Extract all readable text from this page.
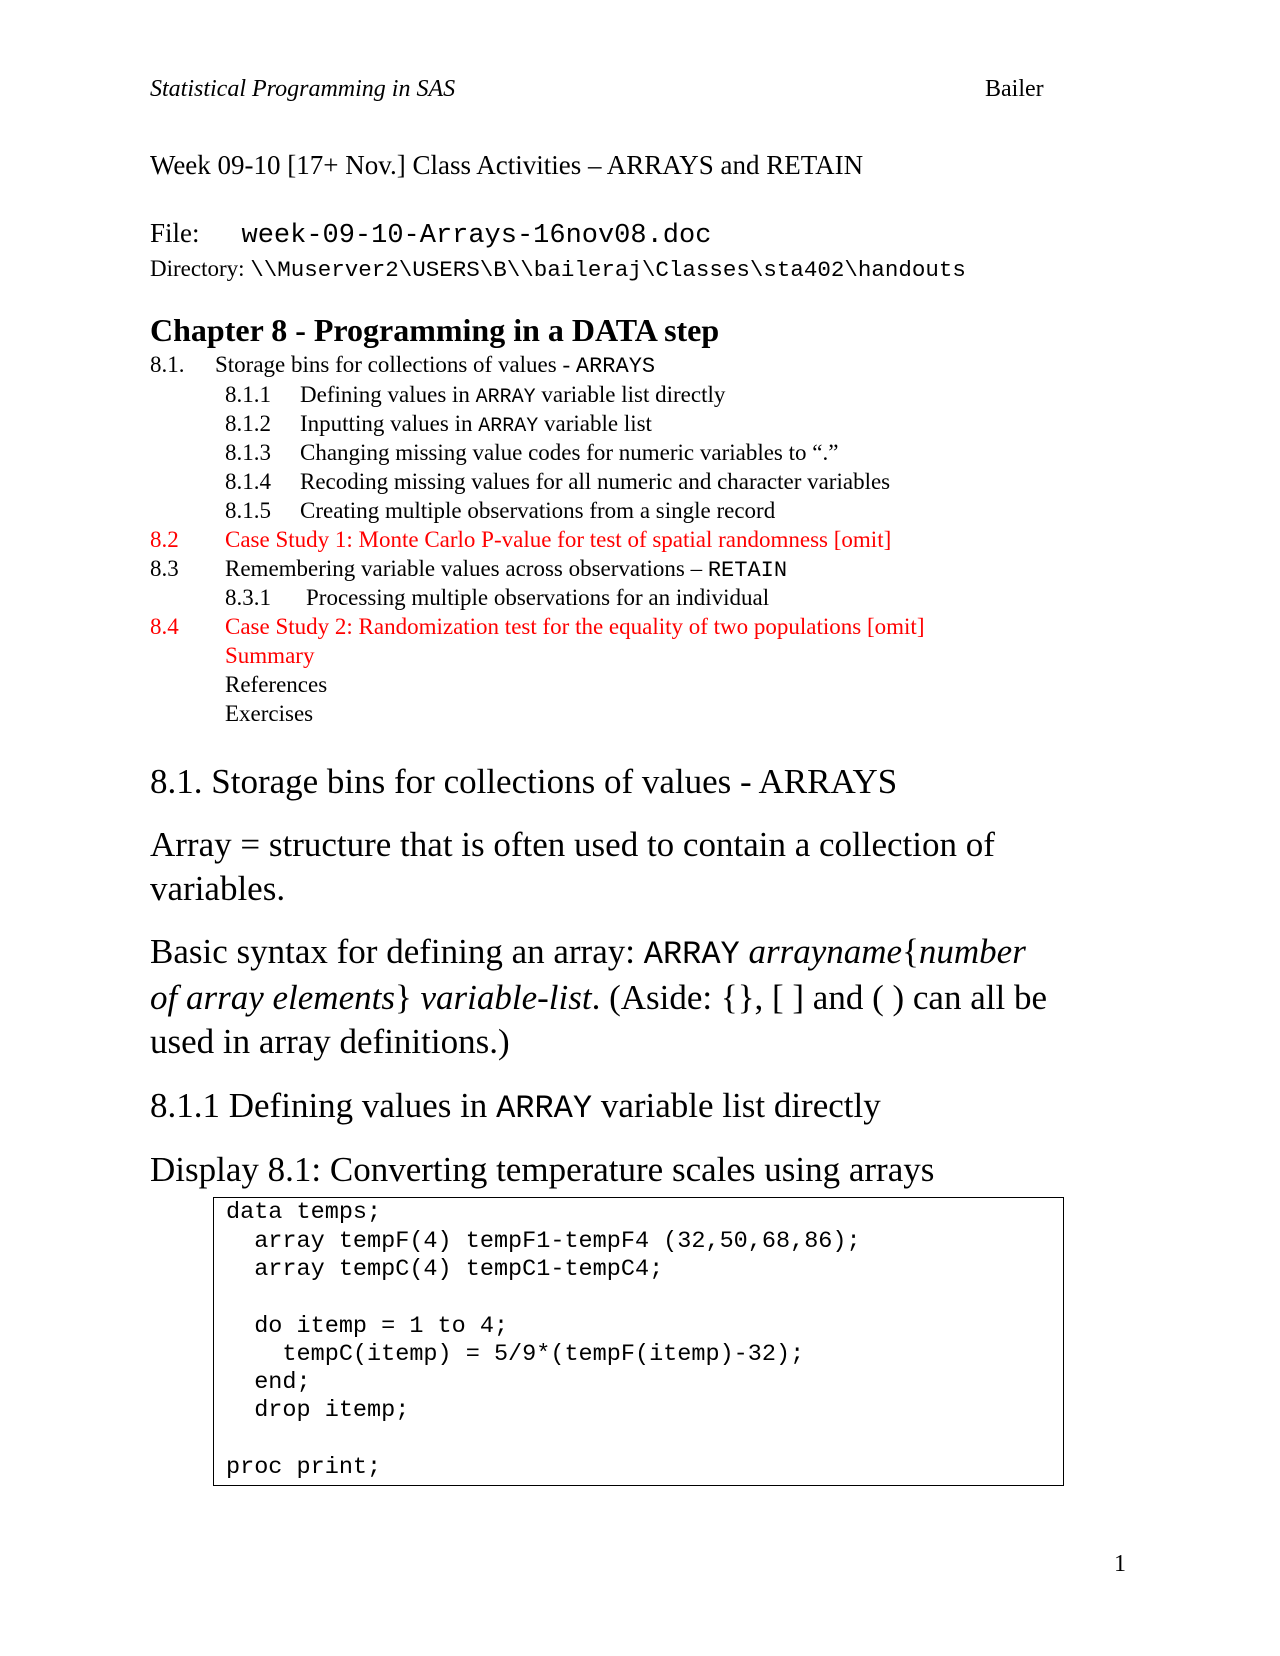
Statistical Programming in SAS	Bailer
Week 09-10 [17+ Nov.] Class Activities – ARRAYS and RETAIN
File: week-09-10-Arrays-16nov08.doc
Directory: \\Muserver2\USERS\B\\baileraj\Classes\sta402\handouts
Chapter 8 - Programming in a DATA step
8.1. Storage bins for collections of values - ARRAYS
8.1.1 Defining values in ARRAY variable list directly
8.1.2 Inputting values in ARRAY variable list
8.1.3 Changing missing value codes for numeric variables to “.”
8.1.4 Recoding missing values for all numeric and character variables
8.1.5 Creating multiple observations from a single record
8.2 Case Study 1: Monte Carlo P-value for test of spatial randomness [omit]
8.3 Remembering variable values across observations – RETAIN
8.3.1 Processing multiple observations for an individual
8.4 Case Study 2: Randomization test for the equality of two populations [omit]
Summary
References
Exercises
8.1. Storage bins for collections of values - ARRAYS
Array = structure that is often used to contain a collection of
variables.
Basic syntax for defining an array: ARRAY arrayname{number
of array elements} variable-list. (Aside: {}, [ ] and ( ) can all be
used in array definitions.)
8.1.1 Defining values in ARRAY variable list directly
Display 8.1: Converting temperature scales using arrays
data temps;
array tempF(4) tempF1-tempF4 (32,50,68,86);
array tempC(4) tempC1-tempC4;
do itemp = 1 to 4;
tempC(itemp) = 5/9*(tempF(itemp)-32);
end;
drop itemp;
proc print;
1
